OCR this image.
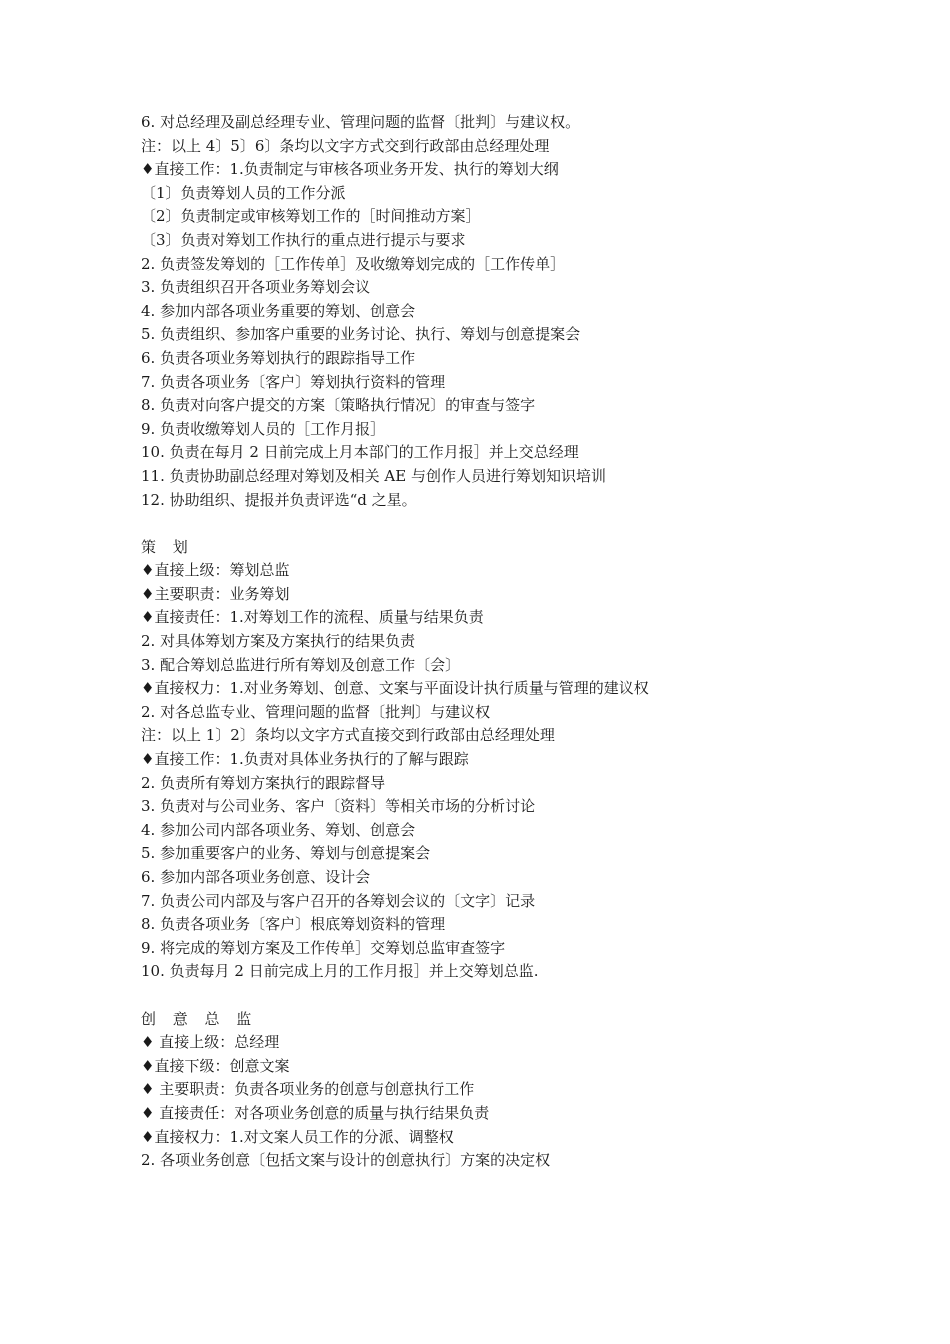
6. 对总经理及副总经理专业、管理问题的监督〔批判〕与建议权。
注：以上 4〕5〕6〕条均以文字方式交到行政部由总经理处理
♦直接工作：1.负责制定与审核各项业务开发、执行的筹划大纲
〔1〕负责筹划人员的工作分派
〔2〕负责制定或审核筹划工作的［时间推动方案］
〔3〕负责对筹划工作执行的重点进行提示与要求
2. 负责签发筹划的［工作传单］及收缴筹划完成的［工作传单］
3. 负责组织召开各项业务筹划会议
4. 参加内部各项业务重要的筹划、创意会
5. 负责组织、参加客户重要的业务讨论、执行、筹划与创意提案会
6. 负责各项业务筹划执行的跟踪指导工作
7. 负责各项业务〔客户〕筹划执行资料的管理
8. 负责对向客户提交的方案〔策略执行情况〕的审查与签字
9. 负责收缴筹划人员的［工作月报］
10. 负责在每月 2 日前完成上月本部门的工作月报］并上交总经理
11. 负责协助副总经理对筹划及相关 AE 与创作人员进行筹划知识培训
12. 协助组织、提报并负责评选“d 之星。
策 划
♦直接上级：筹划总监
♦主要职责：业务筹划
♦直接责任：1.对筹划工作的流程、质量与结果负责
2. 对具体筹划方案及方案执行的结果负责
3. 配合筹划总监进行所有筹划及创意工作〔会〕
♦直接权力：1.对业务筹划、创意、文案与平面设计执行质量与管理的建议权
2. 对各总监专业、管理问题的监督〔批判〕与建议权
注：以上 1〕2〕条均以文字方式直接交到行政部由总经理处理
♦直接工作：1.负责对具体业务执行的了解与跟踪
2. 负责所有筹划方案执行的跟踪督导
3. 负责对与公司业务、客户〔资料〕等相关市场的分析讨论
4. 参加公司内部各项业务、筹划、创意会
5. 参加重要客户的业务、筹划与创意提案会
6. 参加内部各项业务创意、设计会
7. 负责公司内部及与客户召开的各筹划会议的〔文字〕记录
8. 负责各项业务〔客户〕根底筹划资料的管理
9. 将完成的筹划方案及工作传单］交筹划总监审查签字
10. 负责每月 2 日前完成上月的工作月报］并上交筹划总监.
创 意 总 监
♦ 直接上级：总经理
♦直接下级：创意文案
♦ 主要职责：负责各项业务的创意与创意执行工作
♦ 直接责任：对各项业务创意的质量与执行结果负责
♦直接权力：1.对文案人员工作的分派、调整权
2. 各项业务创意〔包括文案与设计的创意执行〕方案的决定权
